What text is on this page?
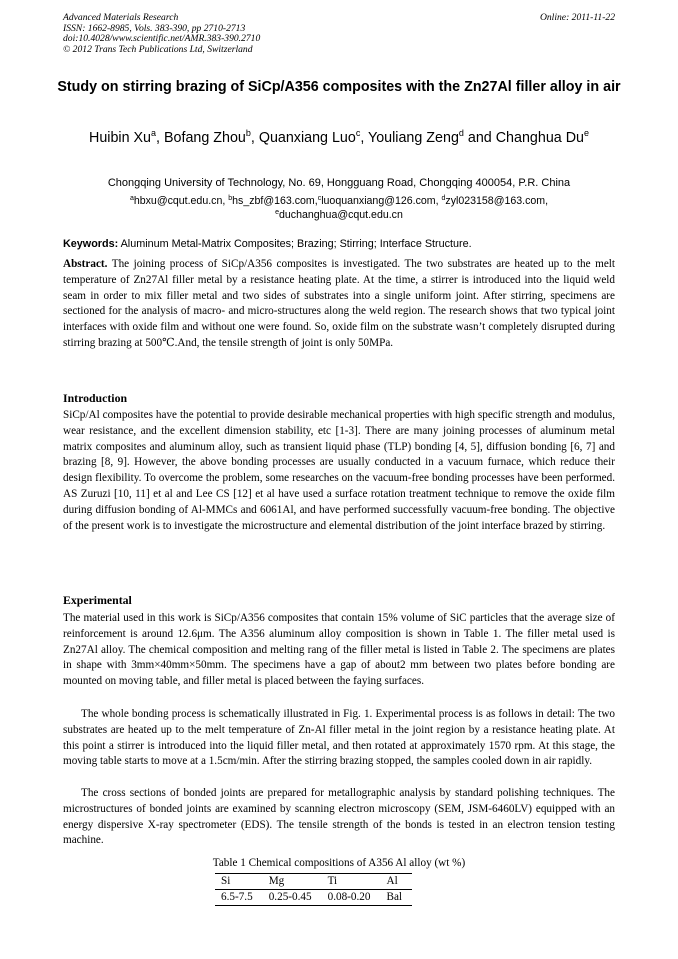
Advanced Materials Research
ISSN: 1662-8985, Vols. 383-390, pp 2710-2713
doi:10.4028/www.scientific.net/AMR.383-390.2710
© 2012 Trans Tech Publications Ltd, Switzerland
Online: 2011-11-22
Study on stirring brazing of SiCp/A356 composites with the Zn27Al filler alloy in air
Huibin Xu$^a$, Bofang Zhou$^b$, Quanxiang Luo$^c$, Youliang Zeng$^d$ and Changhua Du$^e$
Chongqing University of Technology, No. 69, Hongguang Road, Chongqing 400054, P.R. China
$^a$hbxu@cqut.edu.cn, $^b$hs_zbf@163.com,$^c$luoquanxiang@126.com, $^d$zyl023158@163.com,
$^e$duchanghua@cqut.edu.cn
Keywords: Aluminum Metal-Matrix Composites; Brazing; Stirring; Interface Structure.
Abstract. The joining process of SiCp/A356 composites is investigated. The two substrates are heated up to the melt temperature of Zn27Al filler metal by a resistance heating plate. At the time, a stirrer is introduced into the liquid weld seam in order to mix filler metal and two sides of substrates into a single uniform joint. After stirring, specimens are sectioned for the analysis of macro- and micro-structures along the weld region. The research shows that two typical joint interfaces with oxide film and without one were found. So, oxide film on the substrate wasn’t completely disrupted during stirring brazing at 500℃.And, the tensile strength of joint is only 50MPa.
Introduction
SiCp/Al composites have the potential to provide desirable mechanical properties with high specific strength and modulus, wear resistance, and the excellent dimension stability, etc [1-3]. There are many joining processes of aluminum metal matrix composites and aluminum alloy, such as transient liquid phase (TLP) bonding [4, 5], diffusion bonding [6, 7] and brazing [8, 9]. However, the above bonding processes are usually conducted in a vacuum furnace, which reduce their design flexibility. To overcome the problem, some researches on the vacuum-free bonding processes have been performed. AS Zuruzi [10, 11] et al and Lee CS [12] et al have used a surface rotation treatment technique to remove the oxide film during diffusion bonding of Al-MMCs and 6061Al, and have performed successfully vacuum-free bonding. The objective of the present work is to investigate the microstructure and elemental distribution of the joint interface brazed by stirring.
Experimental
The material used in this work is SiCp/A356 composites that contain 15% volume of SiC particles that the average size of reinforcement is around 12.6μm. The A356 aluminum alloy composition is shown in Table 1. The filler metal used is Zn27Al alloy. The chemical composition and melting rang of the filler metal is listed in Table 2. The specimens are plates in shape with 3mm×40mm×50mm. The specimens have a gap of about2 mm between two plates before bonding are mounted on moving table, and filler metal is placed between the faying surfaces.
The whole bonding process is schematically illustrated in Fig. 1. Experimental process is as follows in detail: The two substrates are heated up to the melt temperature of Zn-Al filler metal in the joint region by a resistance heating plate. At this point a stirrer is introduced into the liquid filler metal, and then rotated at approximately 1570 rpm. At this stage, the moving table starts to move at a 1.5cm/min. After the stirring brazing stopped, the samples cooled down in air rapidly.
The cross sections of bonded joints are prepared for metallographic analysis by standard polishing techniques. The microstructures of bonded joints are examined by scanning electron microscopy (SEM, JSM-6460LV) equipped with an energy dispersive X-ray spectrometer (EDS). The tensile strength of the bonds is tested in an electron tension testing machine.
Table 1 Chemical compositions of A356 Al alloy (wt %)
Si	Mg	Ti	Al
6.5-7.5	0.25-0.45	0.08-0.20	Bal
